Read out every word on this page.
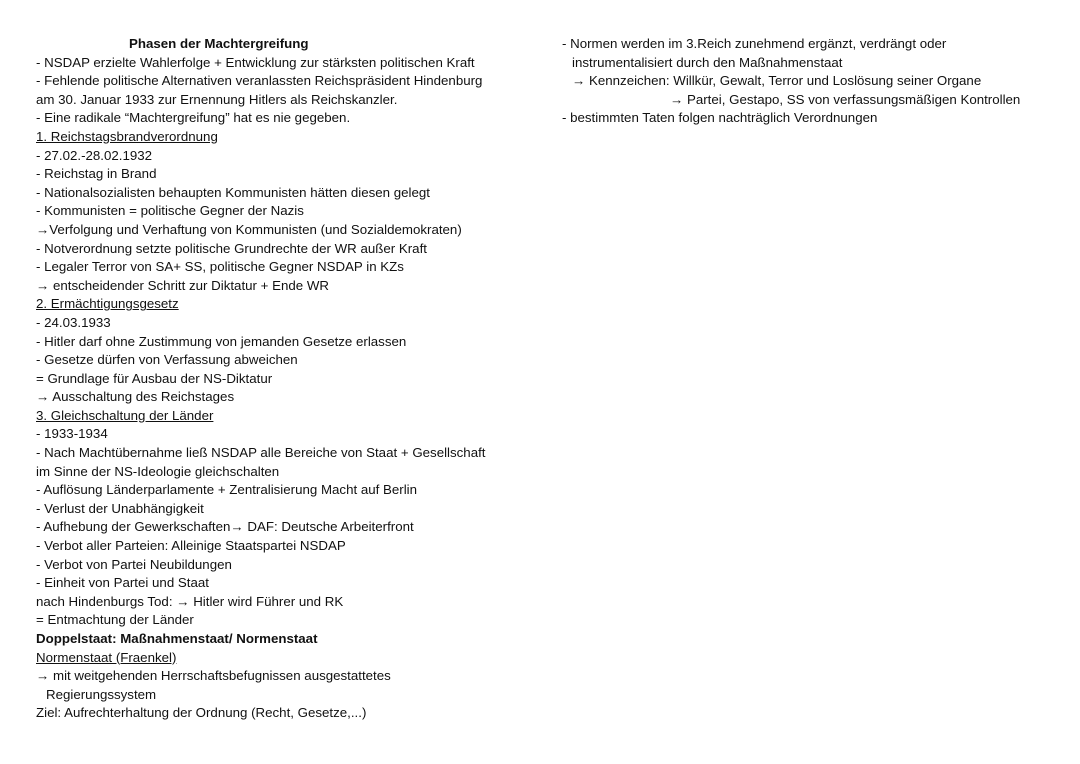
Phasen der Machtergreifung
- NSDAP erzielte Wahlerfolge + Entwicklung zur stärksten politischen Kraft
- Fehlende politische Alternativen veranlassten Reichspräsident Hindenburg
am 30. Januar 1933 zur Ernennung Hitlers als Reichskanzler.
- Eine radikale “Machtergreifung” hat es nie gegeben.
1. Reichstagsbrandverordnung
- 27.02.-28.02.1932
- Reichstag in Brand
- Nationalsozialisten behaupten Kommunisten hätten diesen gelegt
- Kommunisten = politische Gegner der Nazis
→Verfolgung und Verhaftung von Kommunisten (und Sozialdemokraten)
- Notverordnung setzte politische Grundrechte der WR außer Kraft
- Legaler Terror von SA+ SS, politische Gegner NSDAP in KZs
→ entscheidender Schritt zur Diktatur + Ende WR
2. Ermächtigungsgesetz
- 24.03.1933
- Hitler darf ohne Zustimmung von jemanden Gesetze erlassen
- Gesetze dürfen von Verfassung abweichen
= Grundlage für Ausbau der NS-Diktatur
→ Ausschaltung des Reichstages
3. Gleichschaltung der Länder
- 1933-1934
- Nach Machtübernahme ließ NSDAP alle Bereiche von Staat + Gesellschaft
im Sinne der NS-Ideologie gleichschalten
- Auflösung Länderparlamente + Zentralisierung Macht auf Berlin
- Verlust der Unabhängigkeit
- Aufhebung der Gewerkschaften→ DAF: Deutsche Arbeiterfront
- Verbot aller Parteien: Alleinige Staatspartei NSDAP
- Verbot von Partei Neubildungen
- Einheit von Partei und Staat
nach Hindenburgs Tod: → Hitler wird Führer und RK
= Entmachtung der Länder
Doppelstaat: Maßnahmenstaat/ Normenstaat
Normenstaat (Fraenkel)
→ mit weitgehenden Herrschaftsbefugnissen ausgestattetes
Regierungssystem
Ziel: Aufrechterhaltung der Ordnung (Recht, Gesetze,...)
- Normen werden im 3.Reich zunehmend ergänzt, verdrängt oder
instrumentalisiert durch den Maßnahmenstaat
→ Kennzeichen: Willkür, Gewalt, Terror und Loslösung seiner Organe
→ Partei, Gestapo, SS von verfassungsmäßigen Kontrollen
- bestimmten Taten folgen nachträglich Verordnungen
